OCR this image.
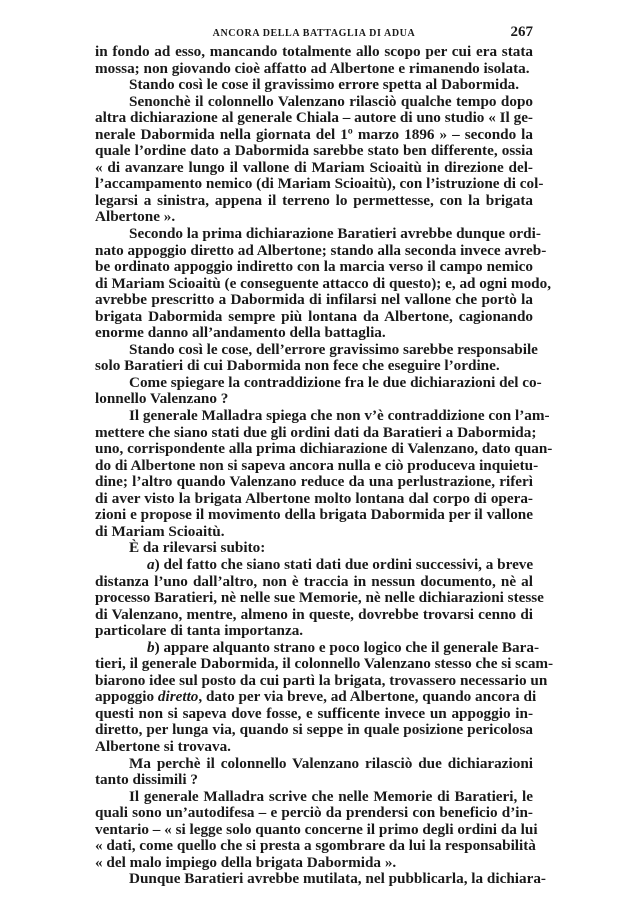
ANCORA DELLA BATTAGLIA DI ADUA	267
in fondo ad esso, mancando totalmente allo scopo per cui era stata
mossa; non giovando cioè affatto ad Albertone e rimanendo isolata.
Stando così le cose il gravissimo errore spetta al Dabormida.
Senonchè il colonnello Valenzano rilasciò qualche tempo dopo
altra dichiarazione al generale Chiala – autore di uno studio « Il ge-
nerale Dabormida nella giornata del 1º marzo 1896 » – secondo la
quale l’ordine dato a Dabormida sarebbe stato ben differente, ossia
« di avanzare lungo il vallone di Mariam Scioaitù in direzione del-
l’accampamento nemico (di Mariam Scioaitù), con l’istruzione di col-
legarsi a sinistra, appena il terreno lo permettesse, con la brigata
Albertone ».
Secondo la prima dichiarazione Baratieri avrebbe dunque ordi-
nato appoggio diretto ad Albertone; stando alla seconda invece avreb-
be ordinato appoggio indiretto con la marcia verso il campo nemico
di Mariam Scioaitù (e conseguente attacco di questo); e, ad ogni modo,
avrebbe prescritto a Dabormida di infilarsi nel vallone che portò la
brigata Dabormida sempre più lontana da Albertone, cagionando
enorme danno all’andamento della battaglia.
Stando così le cose, dell’errore gravissimo sarebbe responsabile
solo Baratieri di cui Dabormida non fece che eseguire l’ordine.
Come spiegare la contraddizione fra le due dichiarazioni del co-
lonnello Valenzano ?
Il generale Malladra spiega che non v’è contraddizione con l’am-
mettere che siano stati due gli ordini dati da Baratieri a Dabormida;
uno, corrispondente alla prima dichiarazione di Valenzano, dato quan-
do di Albertone non si sapeva ancora nulla e ciò produceva inquietu-
dine; l’altro quando Valenzano reduce da una perlustrazione, riferì
di aver visto la brigata Albertone molto lontana dal corpo di opera-
zioni e propose il movimento della brigata Dabormida per il vallone
di Mariam Scioaitù.
È da rilevarsi subito:
a) del fatto che siano stati dati due ordini successivi, a breve
distanza l’uno dall’altro, non è traccia in nessun documento, nè al
processo Baratieri, nè nelle sue Memorie, nè nelle dichiarazioni stesse
di Valenzano, mentre, almeno in queste, dovrebbe trovarsi cenno di
particolare di tanta importanza.
b) appare alquanto strano e poco logico che il generale Bara-
tieri, il generale Dabormida, il colonnello Valenzano stesso che si scam-
biarono idee sul posto da cui partì la brigata, trovassero necessario un
appoggio diretto, dato per via breve, ad Albertone, quando ancora di
questi non si sapeva dove fosse, e sufficente invece un appoggio in-
diretto, per lunga via, quando si seppe in quale posizione pericolosa
Albertone si trovava.
Ma perchè il colonnello Valenzano rilasciò due dichiarazioni
tanto dissimili ?
Il generale Malladra scrive che nelle Memorie di Baratieri, le
quali sono un’autodifesa – e perciò da prendersi con beneficio d’in-
ventario – « si legge solo quanto concerne il primo degli ordini da lui
« dati, come quello che si presta a sgombrare da lui la responsabilità
« del malo impiego della brigata Dabormida ».
Dunque Baratieri avrebbe mutilata, nel pubblicarla, la dichiara-
